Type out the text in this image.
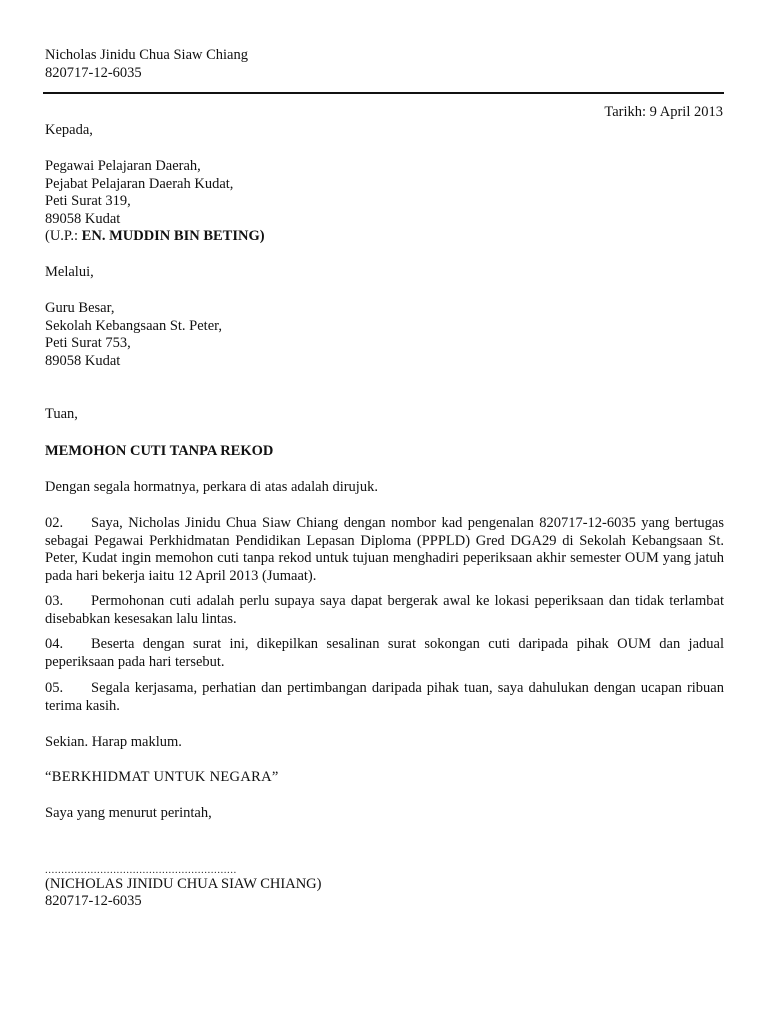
Nicholas Jinidu Chua Siaw Chiang
820717-12-6035
Tarikh: 9 April 2013
Kepada,
Pegawai Pelajaran Daerah,
Pejabat Pelajaran Daerah Kudat,
Peti Surat 319,
89058 Kudat
(U.P.: EN. MUDDIN BIN BETING)
Melalui,
Guru Besar,
Sekolah Kebangsaan St. Peter,
Peti Surat 753,
89058 Kudat
Tuan,
MEMOHON CUTI TANPA REKOD
Dengan segala hormatnya, perkara di atas adalah dirujuk.
02. Saya, Nicholas Jinidu Chua Siaw Chiang dengan nombor kad pengenalan 820717-12-6035 yang bertugas sebagai Pegawai Perkhidmatan Pendidikan Lepasan Diploma (PPPLD) Gred DGA29 di Sekolah Kebangsaan St. Peter, Kudat ingin memohon cuti tanpa rekod untuk tujuan menghadiri peperiksaan akhir semester OUM yang jatuh pada hari bekerja iaitu 12 April 2013 (Jumaat).
03. Permohonan cuti adalah perlu supaya saya dapat bergerak awal ke lokasi peperiksaan dan tidak terlambat disebabkan kesesakan lalu lintas.
04. Beserta dengan surat ini, dikepilkan sesalinan surat sokongan cuti daripada pihak OUM dan jadual peperiksaan pada hari tersebut.
05. Segala kerjasama, perhatian dan pertimbangan daripada pihak tuan, saya dahulukan dengan ucapan ribuan terima kasih.
Sekian. Harap maklum.
“BERKHIDMAT UNTUK NEGARA”
Saya yang menurut perintah,
...........................................................
(NICHOLAS JINIDU CHUA SIAW CHIANG)
820717-12-6035
